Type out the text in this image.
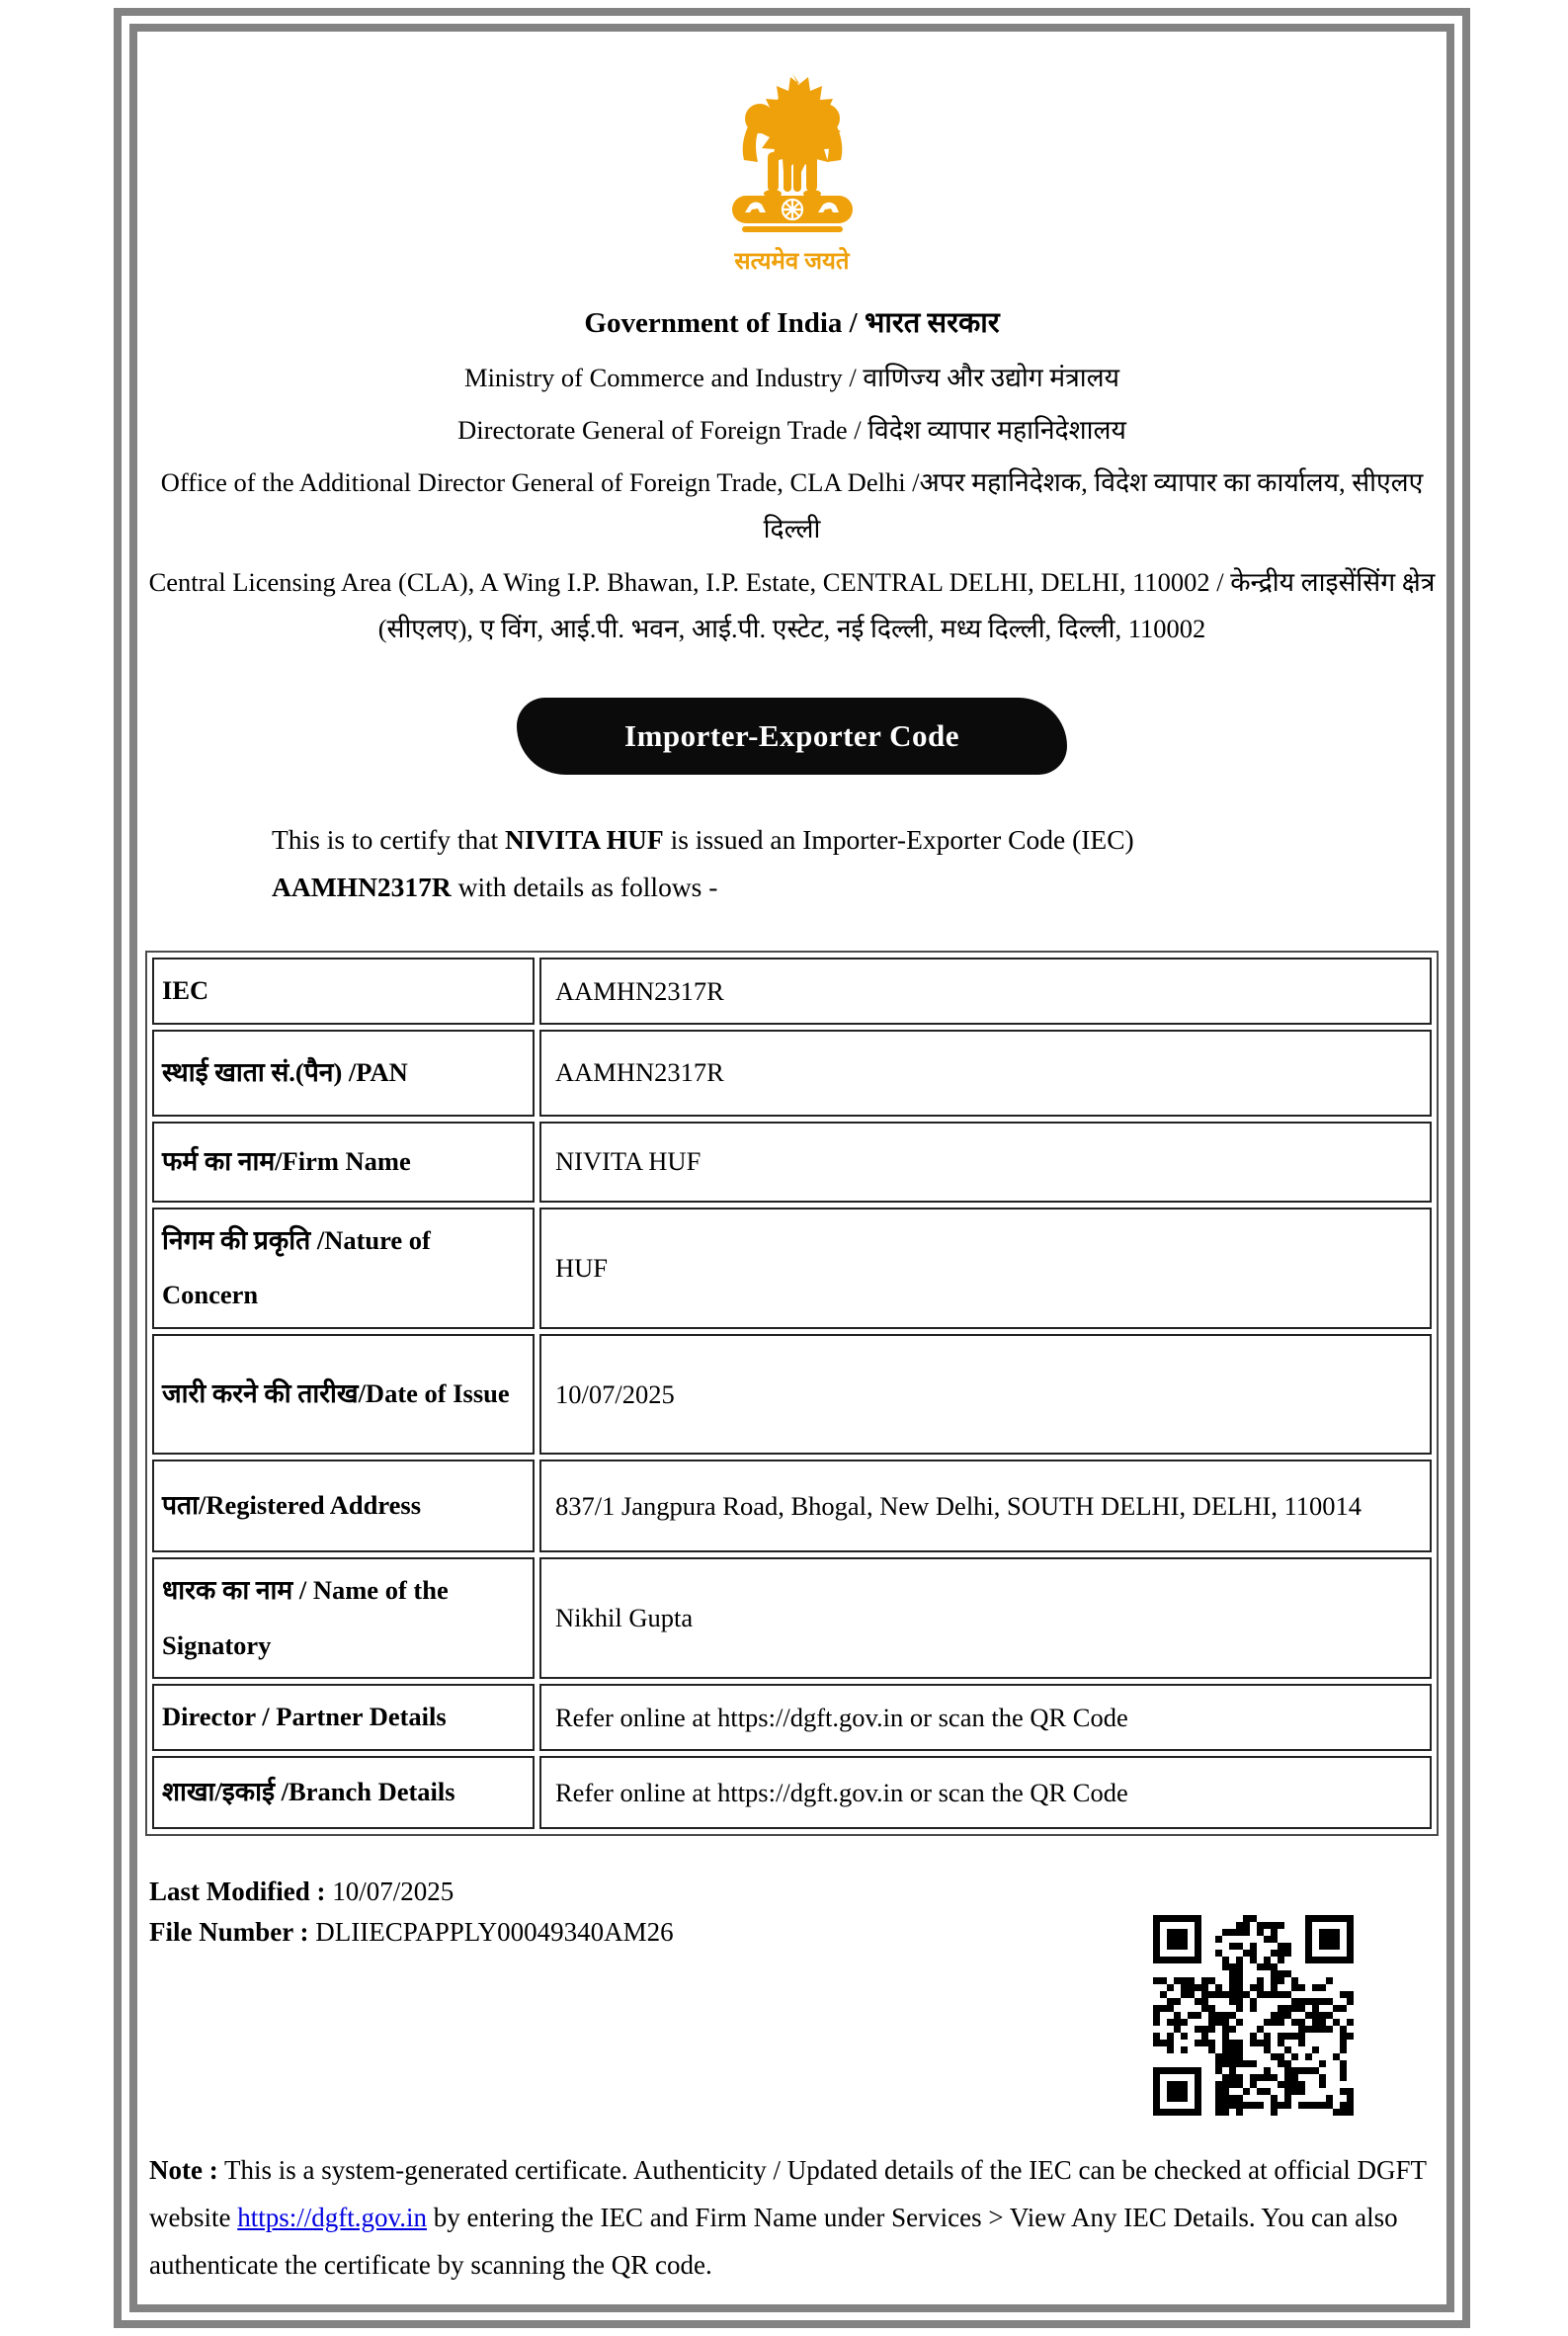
सत्यमेव जयते
Government of India / भारत सरकार
Ministry of Commerce and Industry / वाणिज्य और उद्योग मंत्रालय
Directorate General of Foreign Trade / विदेश व्यापार महानिदेशालय
Office of the Additional Director General of Foreign Trade, CLA Delhi /अपर महानिदेशक, विदेश व्यापार का कार्यालय, सीएलए दिल्ली
Central Licensing Area (CLA), A Wing I.P. Bhawan, I.P. Estate, CENTRAL DELHI, DELHI, 110002 / केन्द्रीय लाइसेंसिंग क्षेत्र (सीएलए), ए विंग, आई.पी. भवन, आई.पी. एस्टेट, नई दिल्ली, मध्य दिल्ली, दिल्ली, 110002
Importer-Exporter Code

This is to certify that NIVITA HUF is issued an Importer-Exporter Code (IEC) AAMHN2317R with details as follows -

IEC	AAMHN2317R
स्थाई खाता सं.(पैन) /PAN	AAMHN2317R
फर्म का नाम/Firm Name	NIVITA HUF
निगम की प्रकृति /Nature of Concern	HUF
जारी करने की तारीख/Date of Issue	10/07/2025
पता/Registered Address	837/1 Jangpura Road, Bhogal, New Delhi, SOUTH DELHI, DELHI, 110014
धारक का नाम / Name of the Signatory	Nikhil Gupta
Director / Partner Details	Refer online at https://dgft.gov.in or scan the QR Code
शाखा/इकाई /Branch Details	Refer online at https://dgft.gov.in or scan the QR Code
Last Modified : 10/07/2025
File Number : DLIIECPAPPLY00049340AM26

Note : This is a system-generated certificate. Authenticity / Updated details of the IEC can be checked at official DGFT website https://dgft.gov.in by entering the IEC and Firm Name under Services > View Any IEC Details. You can also authenticate the certificate by scanning the QR code.
